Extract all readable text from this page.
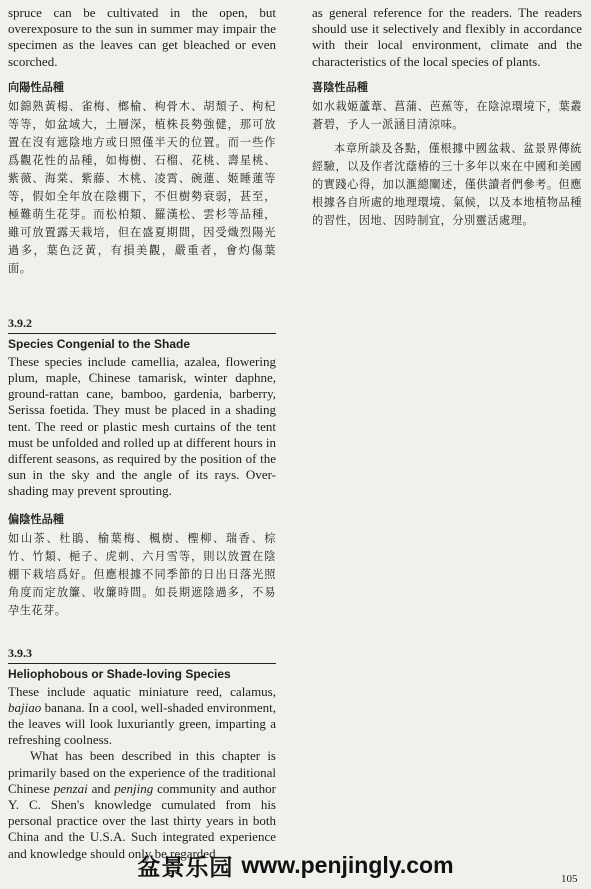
spruce can be cultivated in the open, but overexposure to the sun in summer may impair the specimen as the leaves can get bleached or even scorched.

向陽性品種

如錦熟黃楊、雀梅、榔榆、枸骨木、胡頹子、枸杞等等，如盆域大，土層深，植株長勢強健，那可放置在沒有遮陰地方或日照僅半天的位置。而一些作爲觀花性的品種，如梅樹、石榴、花桃、壽星桃、紫薇、海棠、紫藤、木桃、凌霄、碗蓮、姬睡蓮等等，假如全年放在陰棚下，不但樹勢衰弱，甚至，極難萌生花芽。而松柏類、羅漢松、雲杉等品種，雖可放置露天栽培，但在盛夏期間，因受熾烈陽光過多，葉色泛黃，有損美觀，嚴重者，會灼傷葉面。

3.9.2

Species Congenial to the Shade

These species include camellia, azalea, flowering plum, maple, Chinese tamarisk, winter daphne, ground-rattan cane, bamboo, gardenia, barberry, Serissa foetida. They must be placed in a shading tent. The reed or plastic mesh curtains of the tent must be unfolded and rolled up at different hours in different seasons, as required by the position of the sun in the sky and the angle of its rays. Over-shading may prevent sprouting.

偏陰性品種

如山茶、杜鵑、榆葉梅、楓樹、檉柳、瑞香、棕竹、竹類、梔子、虎刺、六月雪等，則以放置在陰棚下栽培爲好。但應根據不同季節的日出日落光照角度而定放簾、收簾時間。如長期遮陰過多，不易孕生花芽。

3.9.3

Heliophobous or Shade-loving Species

These include aquatic miniature reed, calamus, bajiao banana. In a cool, well-shaded environment, the leaves will look luxuriantly green, imparting a refreshing coolness.

What has been described in this chapter is primarily based on the experience of the traditional Chinese penzai and penjing community and author Y. C. Shen's knowledge cumulated from his personal practice over the last thirty years in both China and the U.S.A. Such integrated experience and knowledge should only be regarded

as general reference for the readers. The readers should use it selectively and flexibly in accordance with their local environment, climate and the characteristics of the local species of plants.

喜陰性品種

如水栽姬蘆葦、菖蒲、芭蕉等，在陰涼環境下，葉叢蒼碧，予人一派涵目清涼味。

本章所談及各點，僅根據中國盆栽、盆景界傳統經驗，以及作者沈蔭椿的三十多年以來在中國和美國的實踐心得，加以滙總闡述，僅供讀者們參考。但應根據各自所處的地理環境、氣候，以及本地植物品種的習性，因地、因時制宜，分別靈活處理。

盆景乐园 www.penjingly.com
105
